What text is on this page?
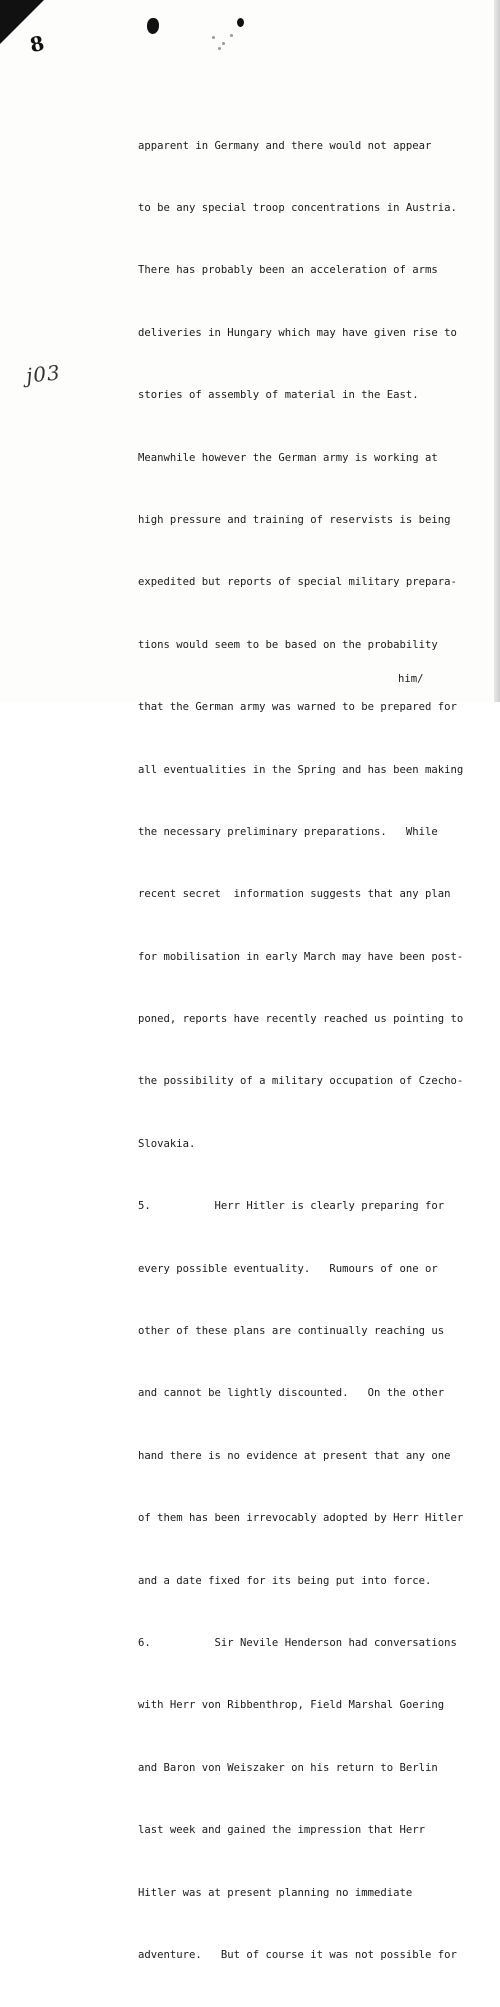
8
j03

apparent in Germany and there would not appear

to be any special troop concentrations in Austria.

There has probably been an acceleration of arms

deliveries in Hungary which may have given rise to

stories of assembly of material in the East.

Meanwhile however the German army is working at

high pressure and training of reservists is being

expedited but reports of special military prepara-

tions would seem to be based on the probability

that the German army was warned to be prepared for

all eventualities in the Spring and has been making

the necessary preliminary preparations.   While

recent secret  information suggests that any plan

for mobilisation in early March may have been post-

poned, reports have recently reached us pointing to

the possibility of a military occupation of Czecho-

Slovakia.

5.          Herr Hitler is clearly preparing for

every possible eventuality.   Rumours of one or

other of these plans are continually reaching us

and cannot be lightly discounted.   On the other

hand there is no evidence at present that any one

of them has been irrevocably adopted by Herr Hitler

and a date fixed for its being put into force.

6.          Sir Nevile Henderson had conversations

with Herr von Ribbenthrop, Field Marshal Goering

and Baron von Weiszaker on his return to Berlin

last week and gained the impression that Herr

Hitler was at present planning no immediate

adventure.   But of course it was not possible for

him/
